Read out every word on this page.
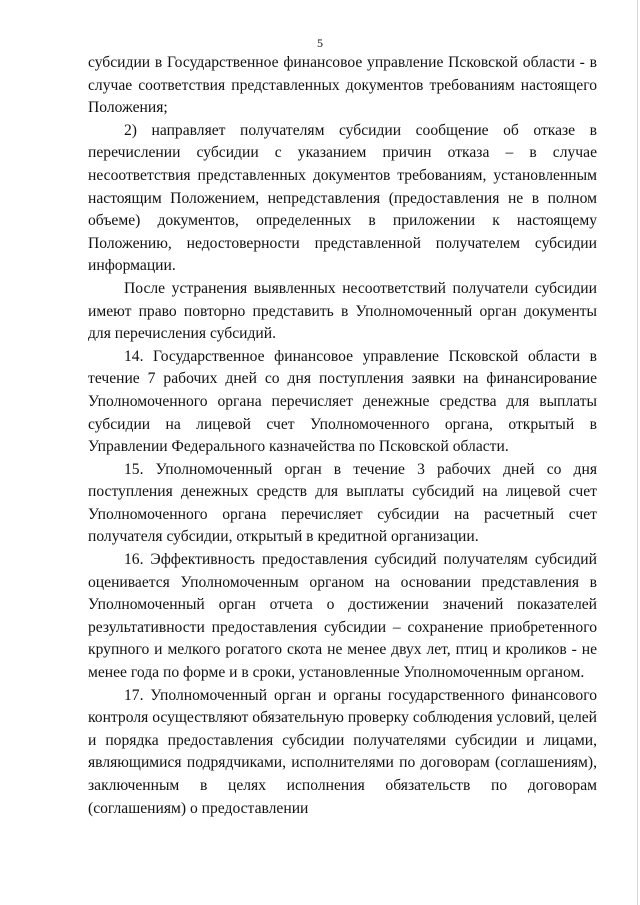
5

субсидии в Государственное финансовое управление Псковской области - в случае соответствия представленных документов требованиям настоящего Положения;

2) направляет получателям субсидии сообщение об отказе в перечислении субсидии с указанием причин отказа – в случае несоответствия представленных документов требованиям, установленным настоящим Положением, непредставления (предоставления не в полном объеме) документов, определенных в приложении к настоящему Положению, недостоверности представленной получателем субсидии информации.

После устранения выявленных несоответствий получатели субсидии имеют право повторно представить в Уполномоченный орган документы для перечисления субсидий.

14. Государственное финансовое управление Псковской области в течение 7 рабочих дней со дня поступления заявки на финансирование Уполномоченного органа перечисляет денежные средства для выплаты субсидии на лицевой счет Уполномоченного органа, открытый в Управлении Федерального казначейства по Псковской области.

15. Уполномоченный орган в течение 3 рабочих дней со дня поступления денежных средств для выплаты субсидий на лицевой счет Уполномоченного органа перечисляет субсидии на расчетный счет получателя субсидии, открытый в кредитной организации.

16. Эффективность предоставления субсидий получателям субсидий оценивается Уполномоченным органом на основании представления в Уполномоченный орган отчета о достижении значений показателей результативности предоставления субсидии – сохранение приобретенного крупного и мелкого рогатого скота не менее двух лет, птиц и кроликов - не менее года по форме и в сроки, установленные Уполномоченным органом.

17. Уполномоченный орган и органы государственного финансового контроля осуществляют обязательную проверку соблюдения условий, целей и порядка предоставления субсидии получателями субсидии и лицами, являющимися подрядчиками, исполнителями по договорам (соглашениям), заключенным в целях исполнения обязательств по договорам (соглашениям) о предоставлении
